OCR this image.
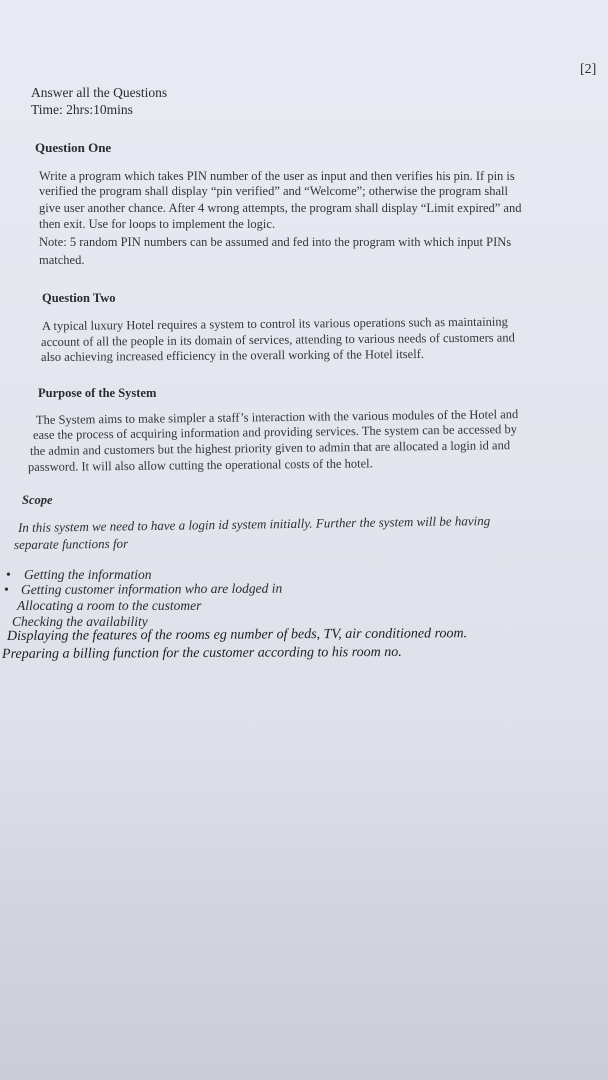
[2]
Answer all the Questions
Time: 2hrs:10mins
Question One
Write a program which takes PIN number of the user as input and then verifies his pin. If pin is
verified the program shall display “pin verified” and “Welcome”; otherwise the program shall
give user another chance. After 4 wrong attempts, the program shall display “Limit expired” and
then exit. Use for loops to implement the logic.
Note: 5 random PIN numbers can be assumed and fed into the program with which input PINs
matched.
Question Two
A typical luxury Hotel requires a system to control its various operations such as maintaining
account of all the people in its domain of services, attending to various needs of customers and
also achieving increased efficiency in the overall working of the Hotel itself.
Purpose of the System
The System aims to make simpler a staff’s interaction with the various modules of the Hotel and
ease the process of acquiring information and providing services. The system can be accessed by
the admin and customers but the highest priority given to admin that are allocated a login id and
password. It will also allow cutting the operational costs of the hotel.
Scope
In this system we need to have a login id system initially. Further the system will be having
separate functions for
• Getting the information
• Getting customer information who are lodged in
Allocating a room to the customer
Checking the availability
Displaying the features of the rooms eg number of beds, TV, air conditioned room.
Preparing a billing function for the customer according to his room no.
